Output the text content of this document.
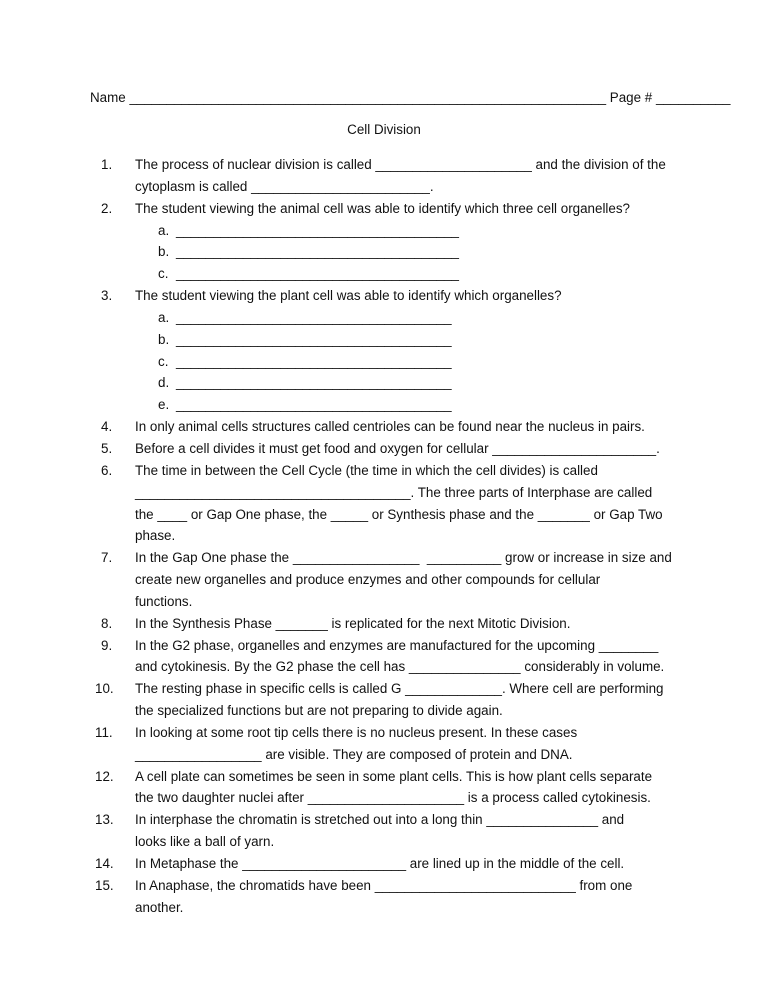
Name ________________________________________________________________ Page # __________
Cell Division
1.	The process of nuclear division is called _____________________ and the division of the
cytoplasm is called ________________________.
2.	The student viewing the animal cell was able to identify which three cell organelles?
a. ______________________________________
b. ______________________________________
c. ______________________________________
3.	The student viewing the plant cell was able to identify which organelles?
a. _____________________________________
b. _____________________________________
c. _____________________________________
d. _____________________________________
e. _____________________________________
4.	In only animal cells structures called centrioles can be found near the nucleus in pairs.
5.	Before a cell divides it must get food and oxygen for cellular ______________________.
6.	The time in between the Cell Cycle (the time in which the cell divides) is called
_____________________________________. The three parts of Interphase are called
the ____ or Gap One phase, the _____ or Synthesis phase and the _______ or Gap Two
phase.
7.	In the Gap One phase the _________________  __________ grow or increase in size and
create new organelles and produce enzymes and other compounds for cellular
functions.
8.	In the Synthesis Phase _______ is replicated for the next Mitotic Division.
9.	In the G2 phase, organelles and enzymes are manufactured for the upcoming ________
and cytokinesis. By the G2 phase the cell has _______________ considerably in volume.
10.	The resting phase in specific cells is called G _____________. Where cell are performing
the specialized functions but are not preparing to divide again.
11.	In looking at some root tip cells there is no nucleus present. In these cases
_________________ are visible. They are composed of protein and DNA.
12.	A cell plate can sometimes be seen in some plant cells. This is how plant cells separate
the two daughter nuclei after _____________________ is a process called cytokinesis.
13.	In interphase the chromatin is stretched out into a long thin _______________ and
looks like a ball of yarn.
14.	In Metaphase the ______________________ are lined up in the middle of the cell.
15.	In Anaphase, the chromatids have been ___________________________ from one
another.
